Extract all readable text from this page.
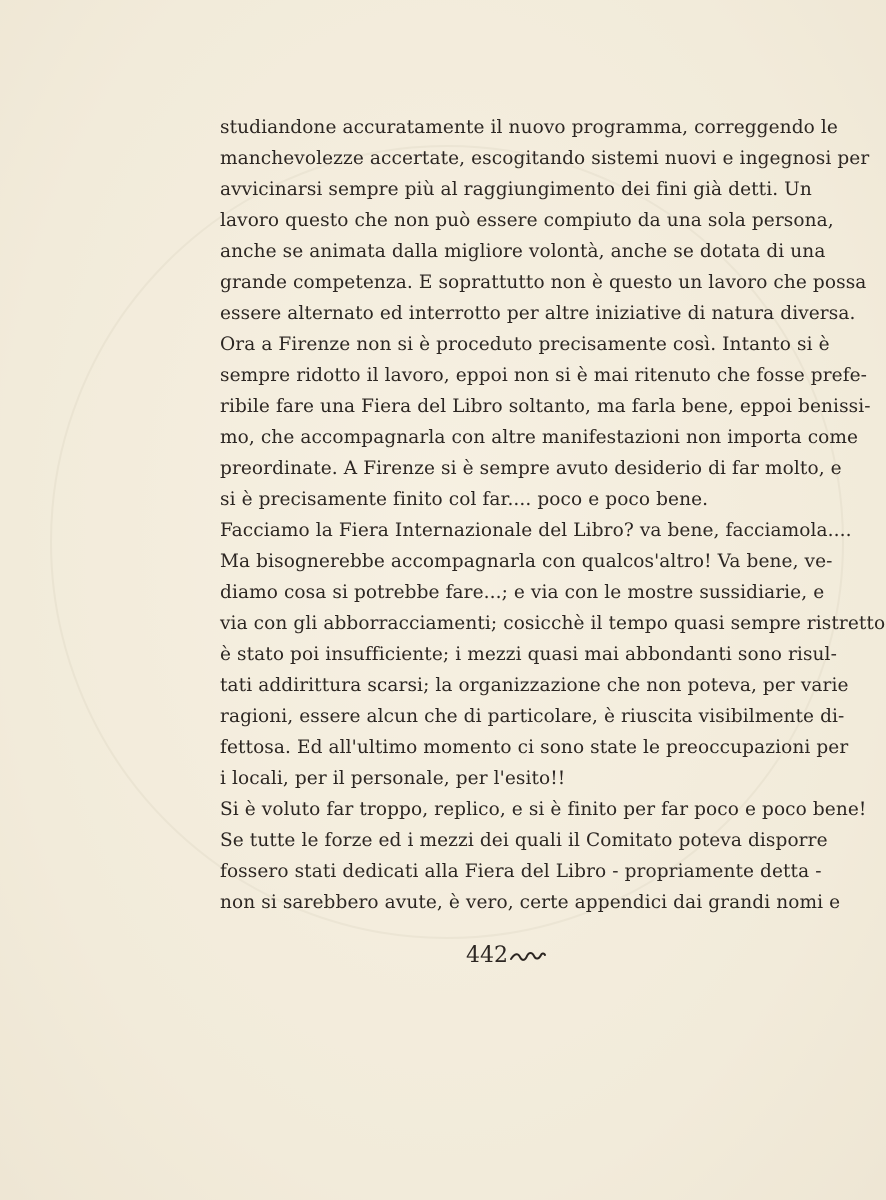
studiandone accuratamente il nuovo programma, correggendo le
manchevolezze accertate, escogitando sistemi nuovi e ingegnosi per
avvicinarsi sempre più al raggiungimento dei fini già detti. Un
lavoro questo che non può essere compiuto da una sola persona,
anche se animata dalla migliore volontà, anche se dotata di una
grande competenza. E soprattutto non è questo un lavoro che possa
essere alternato ed interrotto per altre iniziative di natura diversa.
Ora a Firenze non si è proceduto precisamente così. Intanto si è
sempre ridotto il lavoro, eppoi non si è mai ritenuto che fosse prefe-
ribile fare una Fiera del Libro soltanto, ma farla bene, eppoi benissi-
mo, che accompagnarla con altre manifestazioni non importa come
preordinate. A Firenze si è sempre avuto desiderio di far molto, e
si è precisamente finito col far.... poco e poco bene.
Facciamo la Fiera Internazionale del Libro? va bene, facciamola....
Ma bisognerebbe accompagnarla con qualcos'altro! Va bene, ve-
diamo cosa si potrebbe fare...; e via con le mostre sussidiarie, e
via con gli abborracciamenti; cosicchè il tempo quasi sempre ristretto
è stato poi insufficiente; i mezzi quasi mai abbondanti sono risul-
tati addirittura scarsi; la organizzazione che non poteva, per varie
ragioni, essere alcun che di particolare, è riuscita visibilmente di-
fettosa. Ed all'ultimo momento ci sono state le preoccupazioni per
i locali, per il personale, per l'esito!!
Si è voluto far troppo, replico, e si è finito per far poco e poco bene!
Se tutte le forze ed i mezzi dei quali il Comitato poteva disporre
fossero stati dedicati alla Fiera del Libro - propriamente detta -
non si sarebbero avute, è vero, certe appendici dai grandi nomi e
442
